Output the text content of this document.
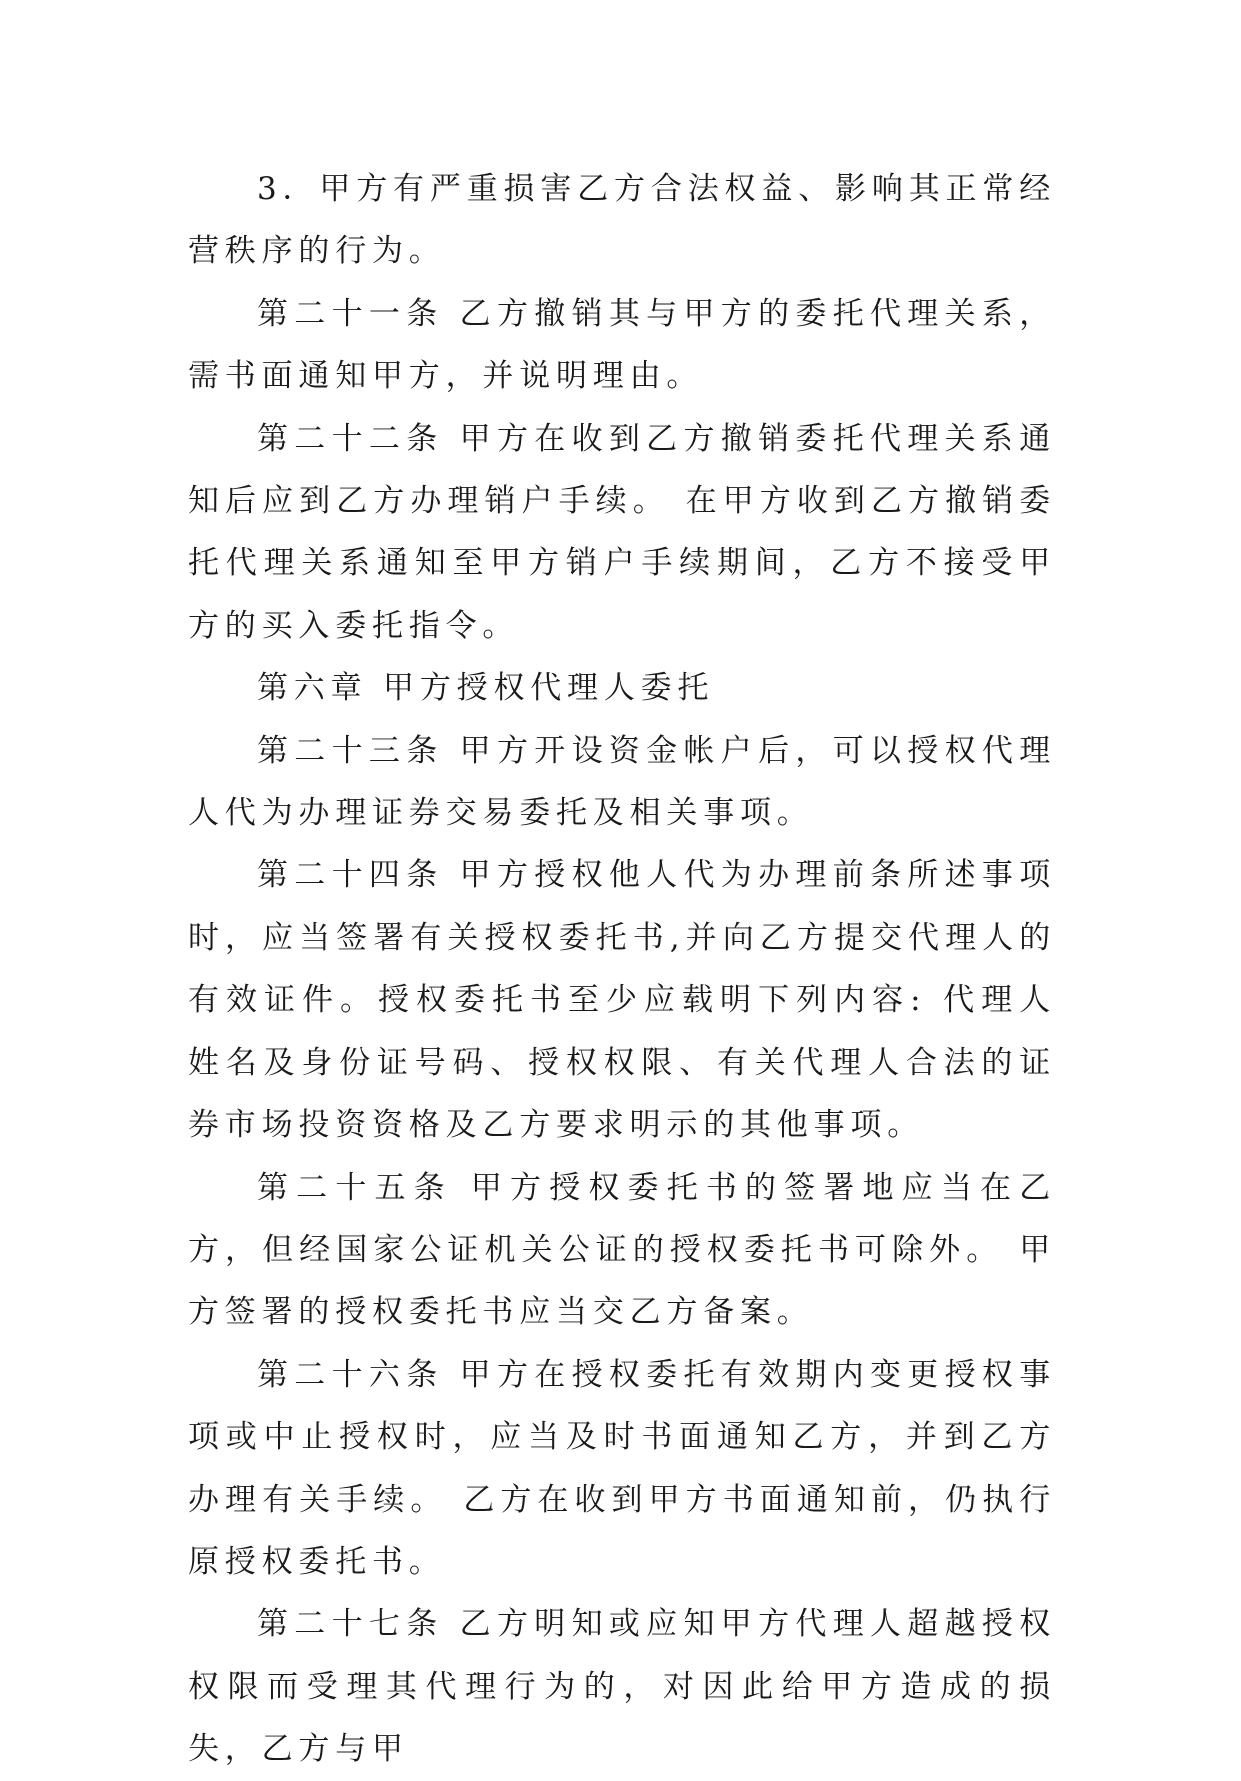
3．甲方有严重损害乙方合法权益、影响其正常经营秩序的行为。

第二十一条 乙方撤销其与甲方的委托代理关系，需书面通知甲方，并说明理由。

第二十二条 甲方在收到乙方撤销委托代理关系通知后应到乙方办理销户手续。 在甲方收到乙方撤销委托代理关系通知至甲方销户手续期间，乙方不接受甲方的买入委托指令。

第六章 甲方授权代理人委托

第二十三条 甲方开设资金帐户后，可以授权代理人代为办理证券交易委托及相关事项。

第二十四条 甲方授权他人代为办理前条所述事项时，应当签署有关授权委托书,并向乙方提交代理人的有效证件。授权委托书至少应载明下列内容: 代理人姓名及身份证号码、授权权限、有关代理人合法的证券市场投资资格及乙方要求明示的其他事项。

第二十五条 甲方授权委托书的签署地应当在乙方，但经国家公证机关公证的授权委托书可除外。 甲方签署的授权委托书应当交乙方备案。

第二十六条 甲方在授权委托有效期内变更授权事项或中止授权时，应当及时书面通知乙方，并到乙方办理有关手续。 乙方在收到甲方书面通知前，仍执行原授权委托书。

第二十七条 乙方明知或应知甲方代理人超越授权权限而受理其代理行为的，对因此给甲方造成的损失，乙方与甲
